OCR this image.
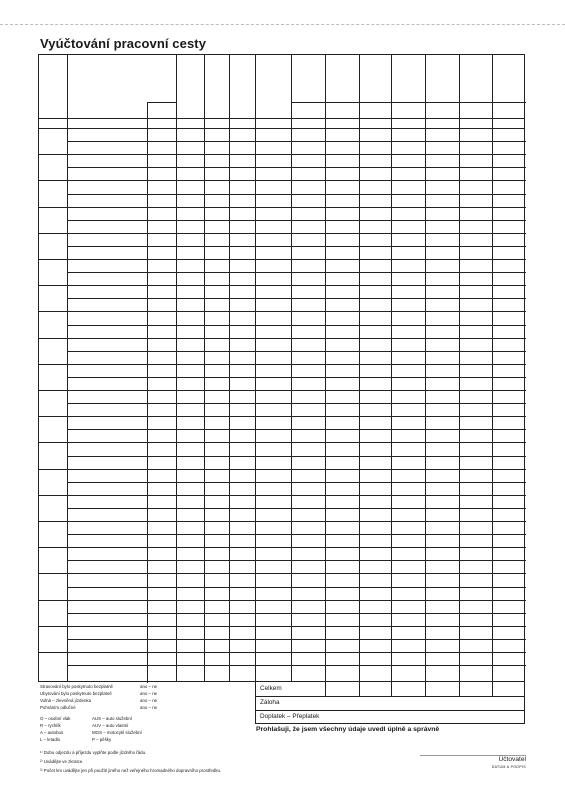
Vyúčtování pracovní cesty
Celkem
Záloha
Doplatek – Přeplatek
Stravování bylo poskytnuto bezplatně
Ubytování bylo poskytnuto bezplatně
Volná – zlevněná jízdenka
Pohráním odlučné
ano – ne
ano – ne
ano – ne
ano – ne
O – osobní vlak
R – rychlík
A – autobus
L – letadlo
AUS – auto služební
AUV – auto vlastní
MOS – motocykl služební
P – pěšky
¹⁾ Dobu odjezdu a příjezdu vyplňte podle jízdního řádu.
²⁾ Uvádějte ve zkratce.
³⁾ Počet km uvádějte jen při použití jiného než veřejného hromadného dopravního prostředku.
Prohlašuji, že jsem všechny údaje uvedl úplně a správně
Účtovatel
DATUM A PODPIS
